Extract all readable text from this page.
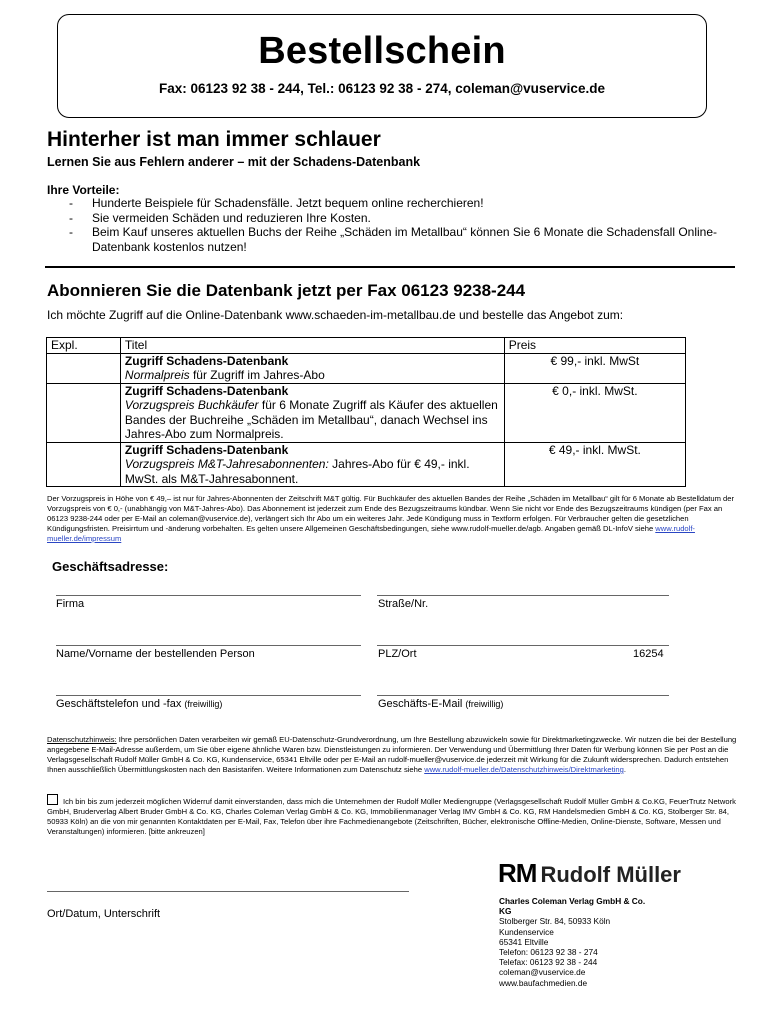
Bestellschein
Fax: 06123 92 38 - 244, Tel.: 06123 92 38 - 274, coleman@vuservice.de
Hinterher ist man immer schlauer
Lernen Sie aus Fehlern anderer – mit der Schadens-Datenbank
Ihre Vorteile:
- Hunderte Beispiele für Schadensfälle. Jetzt bequem online recherchieren!
- Sie vermeiden Schäden und reduzieren Ihre Kosten.
- Beim Kauf unseres aktuellen Buchs der Reihe „Schäden im Metallbau“ können Sie 6 Monate die Schadensfall Online-Datenbank kostenlos nutzen!
Abonnieren Sie die Datenbank jetzt per Fax 06123 9238-244
Ich möchte Zugriff auf die Online-Datenbank www.schaeden-im-metallbau.de und bestelle das Angebot zum:
Expl.	Titel	Preis

	Zugriff Schadens-Datenbank
Normalpreis für Zugriff im Jahres-Abo	€ 99,- inkl. MwSt

	Zugriff Schadens-Datenbank
Vorzugspreis Buchkäufer für 6 Monate Zugriff als Käufer des aktuellen Bandes der Buchreihe „Schäden im Metallbau“, danach Wechsel ins Jahres-Abo zum Normalpreis.	€ 0,- inkl. MwSt.

	Zugriff Schadens-Datenbank
Vorzugspreis M&T-Jahresabonnenten: Jahres-Abo für € 49,- inkl. MwSt. als M&T-Jahresabonnent.	€ 49,- inkl. MwSt.
Der Vorzugspreis in Höhe von € 49,– ist nur für Jahres-Abonnenten der Zeitschrift M&T gültig. Für Buchkäufer des aktuellen Bandes der Reihe „Schäden im Metallbau“ gilt für 6 Monate ab Bestelldatum der Vorzugspreis von € 0,- (unabhängig von M&T-Jahres-Abo). Das Abonnement ist jederzeit zum Ende des Bezugszeitraums kündbar. Wenn Sie nicht vor Ende des Bezugszeitraums kündigen (per Fax an 06123 9238-244 oder per E-Mail an coleman@vuservice.de), verlängert sich Ihr Abo um ein weiteres Jahr. Jede Kündigung muss in Textform erfolgen. Für Verbraucher gelten die gesetzlichen Kündigungsfristen. Preisirrtum und -änderung vorbehalten. Es gelten unsere Allgemeinen Geschäftsbedingungen, siehe www.rudolf-mueller.de/agb. Angaben gemäß DL-InfoV siehe www.rudolf-mueller.de/impressum
Geschäftsadresse:
Firma	Straße/Nr.
Name/Vorname der bestellenden Person	PLZ/Ort	16254
Geschäftstelefon und -fax (freiwillig)	Geschäfts-E-Mail (freiwillig)
Datenschutzhinweis: Ihre persönlichen Daten verarbeiten wir gemäß EU-Datenschutz-Grundverordnung, um Ihre Bestellung abzuwickeln sowie für Direktmarketingzwecke. Wir nutzen die bei der Bestellung angegebene E-Mail-Adresse außerdem, um Sie über eigene ähnliche Waren bzw. Dienstleistungen zu informieren. Der Verwendung und Übermittlung Ihrer Daten für Werbung können Sie per Post an die Verlagsgesellschaft Rudolf Müller GmbH & Co. KG, Kundenservice, 65341 Eltville oder per E-Mail an rudolf-mueller@vuservice.de jederzeit mit Wirkung für die Zukunft widersprechen. Dadurch entstehen Ihnen ausschließlich Übermittlungskosten nach den Basistarifen. Weitere Informationen zum Datenschutz siehe www.rudolf-mueller.de/Datenschutzhinweis/Direktmarketing.
Ich bin bis zum jederzeit möglichen Widerruf damit einverstanden, dass mich die Unternehmen der Rudolf Müller Mediengruppe (Verlagsgesellschaft Rudolf Müller GmbH & Co.KG, FeuerTrutz Network GmbH, Bruderverlag Albert Bruder GmbH & Co. KG, Charles Coleman Verlag GmbH & Co. KG, Immobilienmanager Verlag IMV GmbH & Co. KG, RM Handelsmedien GmbH & Co. KG, Stolberger Str. 84, 50933 Köln) an die von mir genannten Kontaktdaten per E-Mail, Fax, Telefon über ihre Fachmedienangebote (Zeitschriften, Bücher, elektronische Offline-Medien, Online-Dienste, Software, Messen und Veranstaltungen) informieren. [bitte ankreuzen]
Ort/Datum, Unterschrift
RM Rudolf Müller
Charles Coleman Verlag GmbH & Co. KG
Stolberger Str. 84, 50933 Köln
Kundenservice
65341 Eltville
Telefon: 06123 92 38 - 274
Telefax: 06123 92 38 - 244
coleman@vuservice.de
www.baufachmedien.de
